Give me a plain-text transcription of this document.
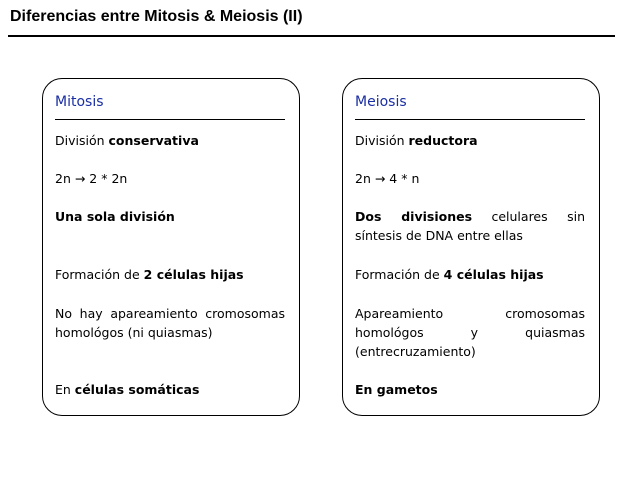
Diferencias entre Mitosis & Meiosis (II)
Mitosis
División conservativa
2n → 2 * 2n
Una sola división
Formación de 2 células hijas
No hay apareamiento cromosomas homológos (ni quiasmas)
En células somáticas
Meiosis
División reductora
2n → 4 * n
Dos divisiones celulares sin síntesis de DNA entre ellas
Formación de 4 células hijas
Apareamiento cromosomas homológos y quiasmas (entrecruzamiento)
En gametos
